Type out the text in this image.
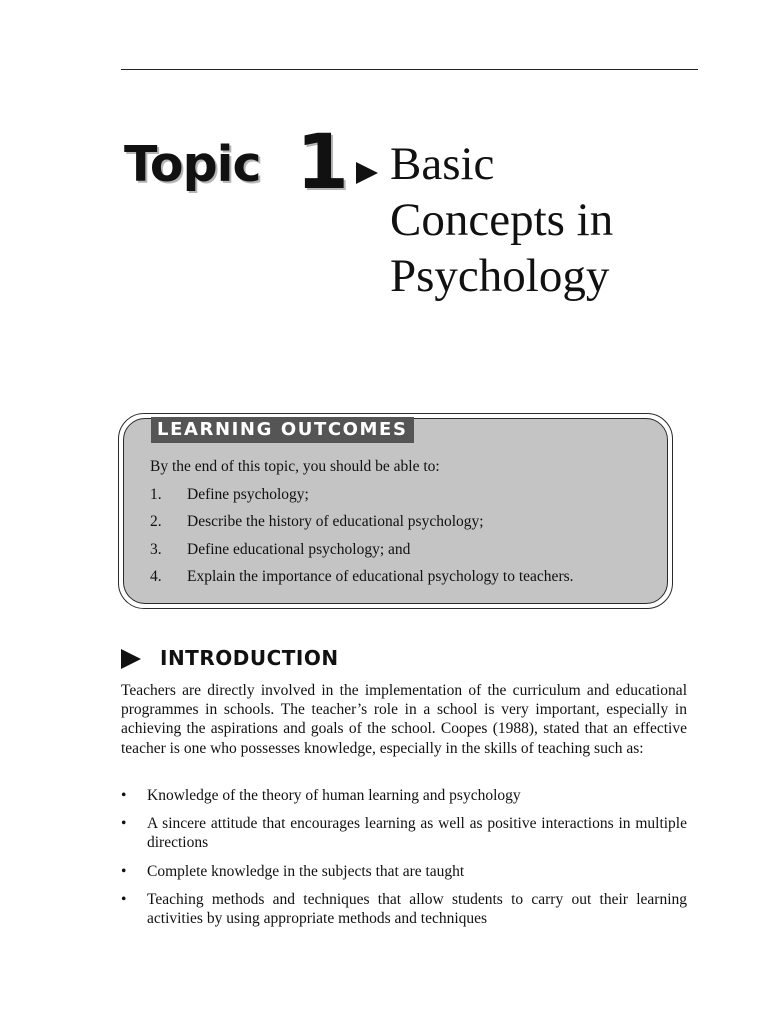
Topic 1 Basic
Concepts in
Psychology
LEARNING OUTCOMES
By the end of this topic, you should be able to:
1. Define psychology;
2. Describe the history of educational psychology;
3. Define educational psychology; and
4. Explain the importance of educational psychology to teachers.
INTRODUCTION

Teachers are directly involved in the implementation of the curriculum and educational programmes in schools. The teacher’s role in a school is very important, especially in achieving the aspirations and goals of the school. Coopes (1988), stated that an effective teacher is one who possesses knowledge, especially in the skills of teaching such as:

• Knowledge of the theory of human learning and psychology
• A sincere attitude that encourages learning as well as positive interactions in multiple directions
• Complete knowledge in the subjects that are taught
• Teaching methods and techniques that allow students to carry out their learning activities by using appropriate methods and techniques
